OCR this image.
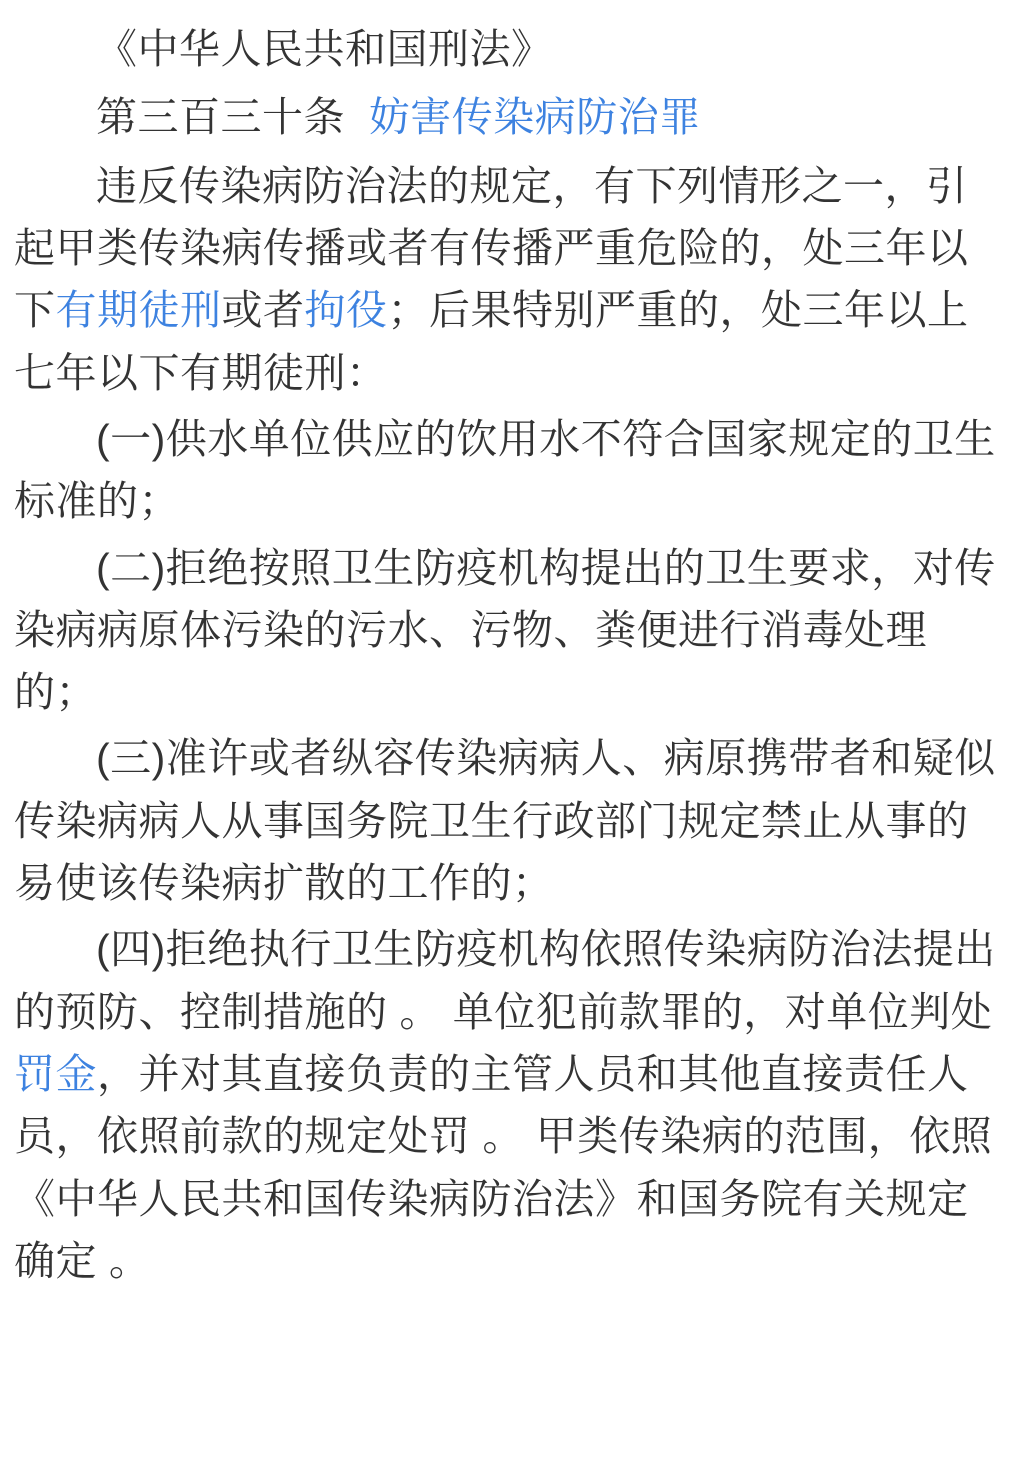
《中华人民共和国刑法》

第三百三十条 妨害传染病防治罪

违反传染病防治法的规定，有下列情形之一，引起甲类传染病传播或者有传播严重危险的，处三年以下有期徒刑或者拘役；后果特别严重的，处三年以上七年以下有期徒刑：

(一)供水单位供应的饮用水不符合国家规定的卫生标准的；

(二)拒绝按照卫生防疫机构提出的卫生要求，对传染病病原体污染的污水、污物、粪便进行消毒处理的；

(三)准许或者纵容传染病病人、病原携带者和疑似传染病病人从事国务院卫生行政部门规定禁止从事的易使该传染病扩散的工作的；

(四)拒绝执行卫生防疫机构依照传染病防治法提出的预防、控制措施的 。 单位犯前款罪的，对单位判处罚金，并对其直接负责的主管人员和其他直接责任人员，依照前款的规定处罚 。 甲类传染病的范围，依照《中华人民共和国传染病防治法》和国务院有关规定确定 。
